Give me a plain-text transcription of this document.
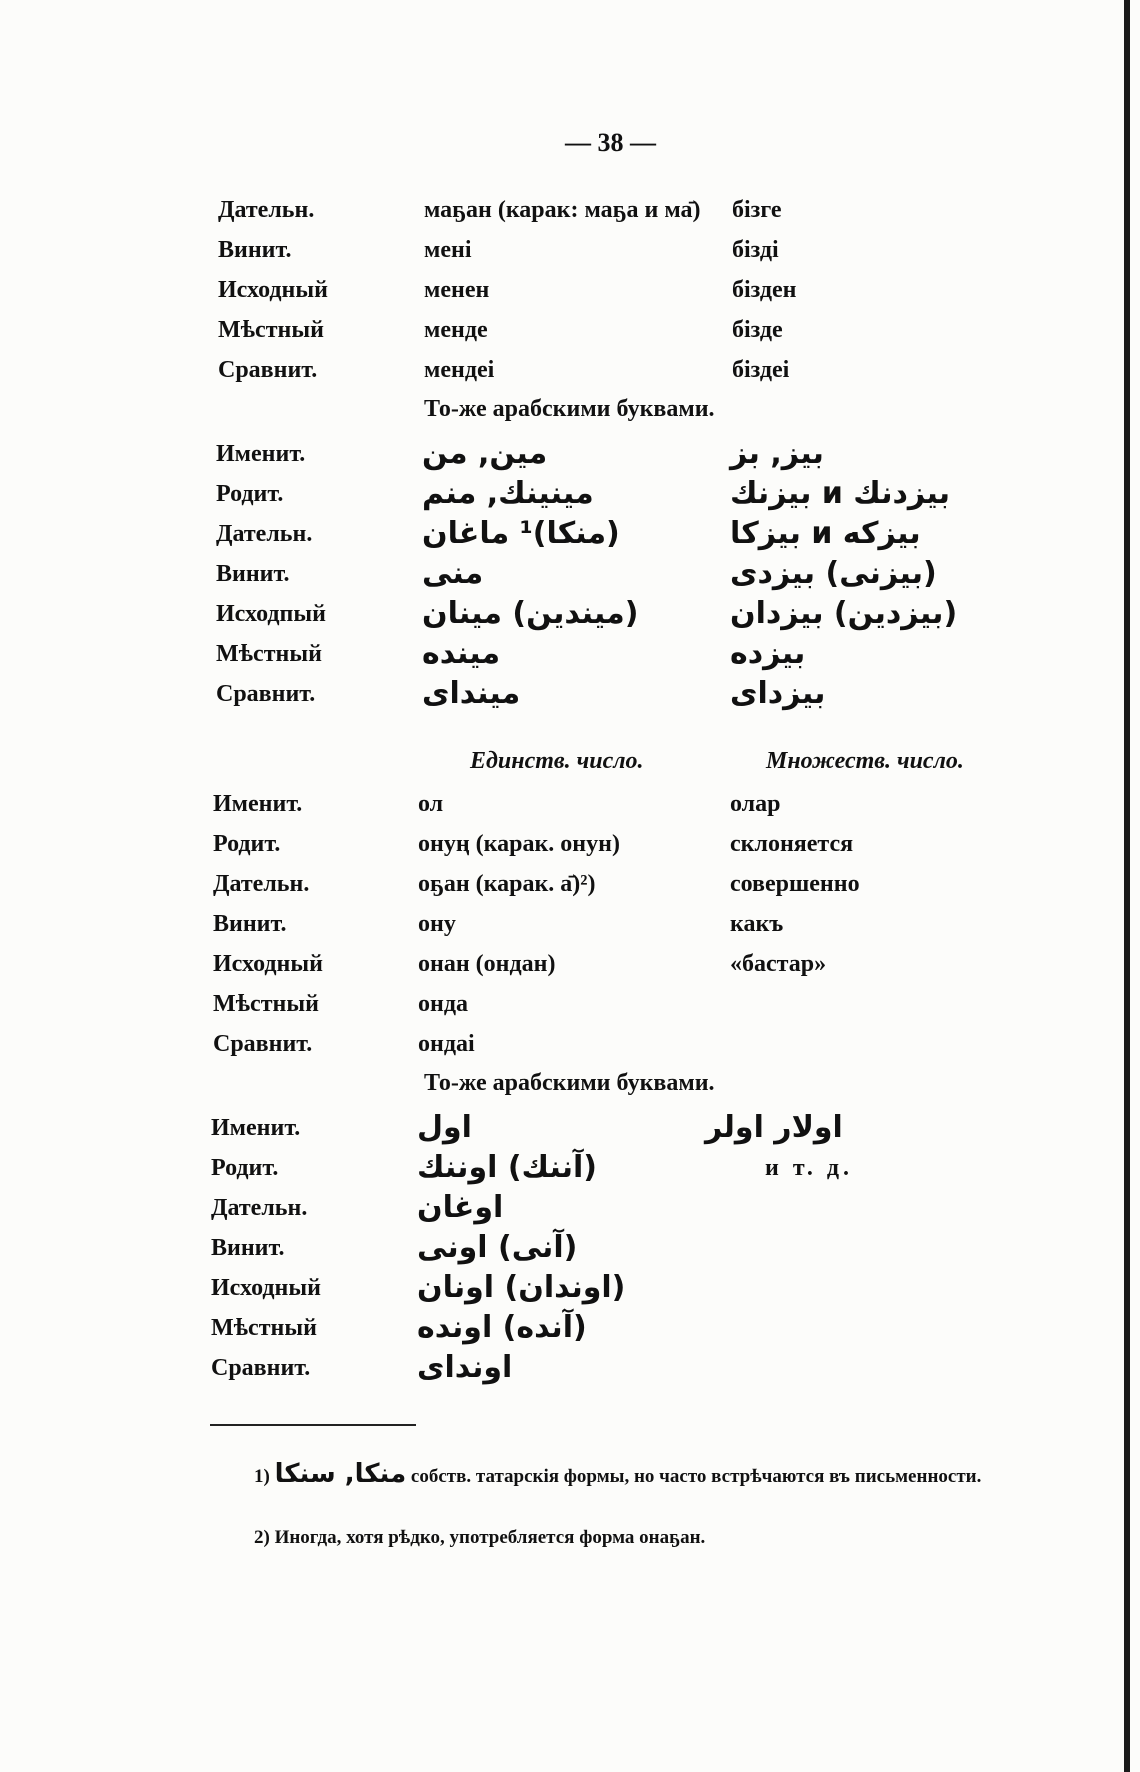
— 38 —
Дательн.	маҕан (карак: маҕа и ма̄) бізге
Винит.	мені	бізді
Исходный	менен	бізден
Мѣстный	менде	бізде
Сравнит.	мендеі	біздеі
То-же арабскими буквами.
Именит.	مین, من	بیز, بز
Родит.	مینینك, منم	بیزدنك и بیزنك
Дательн.	(منكا)¹ ماغان	بیزکه и بیزکا
Винит.	منی	(بیزنی) بیزدی
Исходпый	(میندین) مینان	(بیزدین) بیزدان
Мѣстный	مینده	بیزده
Сравнит.	میندای	بیزدای
Единств. число.	Множеств. число.
Именит.	ол	олар
Родит.	онуң (карак. онун)	склоняется
Дательн.	оҕан (карак. а̄)²)	совершенно
Винит.	ону	какъ
Исходный	онан (ондан)	«бастар»
Мѣстный	онда
Сравнит.	ондаі
То-же арабскими буквами.
Именит.	اول	اولار اولر
Родит.	(آننك) اوننك	и т. д.
Дательн.	اوغان
Винит.	(آنی) اونی
Исходный	(اوندان) اونان
Мѣстный	(آنده) اونده
Сравнит.	اوندای
1) منکا, سنکا собств. татарскія формы, но часто встрѣчаются въ письменности.
2) Иногда, хотя рѣдко, употребляется форма онаҕан.
